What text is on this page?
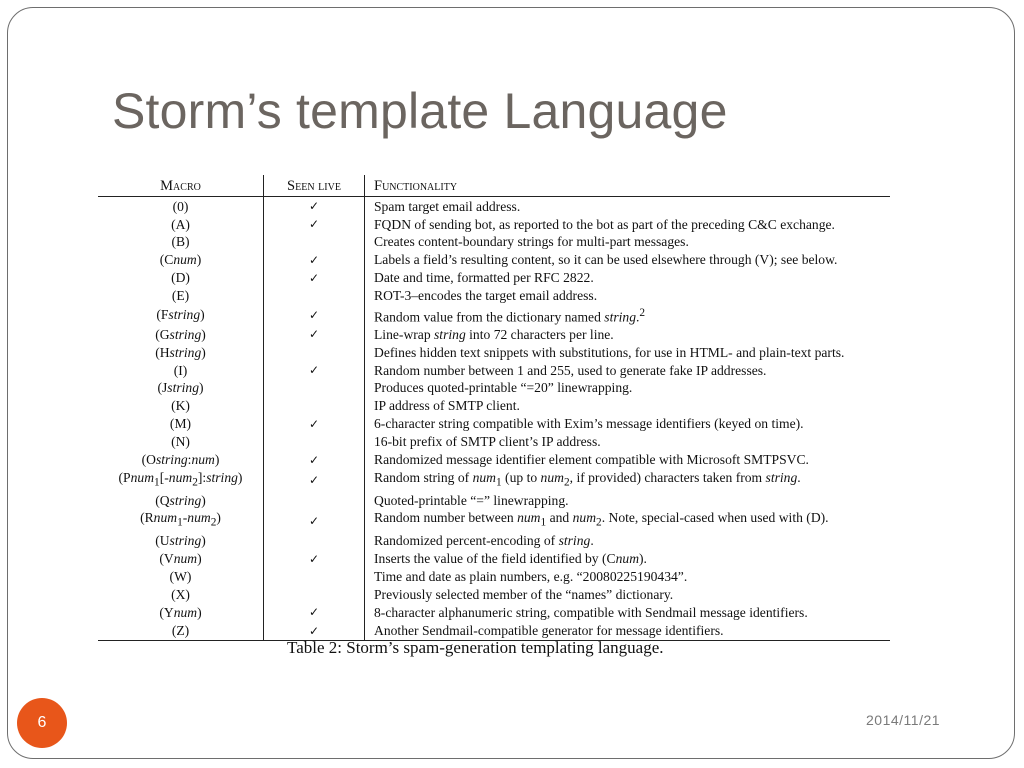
Storm’s template Language
Macro	Seen live	Functionality
(0)	✓	Spam target email address.
(A)	✓	FQDN of sending bot, as reported to the bot as part of the preceding C&C exchange.
(B)		Creates content-boundary strings for multi-part messages.
(Cnum)	✓	Labels a field’s resulting content, so it can be used elsewhere through (V); see below.
(D)	✓	Date and time, formatted per RFC 2822.
(E)		ROT-3–encodes the target email address.
(Fstring)	✓	Random value from the dictionary named string.$^2$
(Gstring)	✓	Line-wrap string into 72 characters per line.
(Hstring)		Defines hidden text snippets with substitutions, for use in HTML- and plain-text parts.
(I)	✓	Random number between 1 and 255, used to generate fake IP addresses.
(Jstring)		Produces quoted-printable “=20” linewrapping.
(K)		IP address of SMTP client.
(M)	✓	6-character string compatible with Exim’s message identifiers (keyed on time).
(N)		16-bit prefix of SMTP client’s IP address.
(Ostring:num)	✓	Randomized message identifier element compatible with Microsoft SMTPSVC.
(Pnum$_1$[-num$_2$]:string)	✓	Random string of num$_1$ (up to num$_2$, if provided) characters taken from string.
(Qstring)		Quoted-printable “=” linewrapping.
(Rnum$_1$-num$_2$)	✓	Random number between num$_1$ and num$_2$. Note, special-cased when used with (D).
(Ustring)		Randomized percent-encoding of string.
(Vnum)	✓	Inserts the value of the field identified by (Cnum).
(W)		Time and date as plain numbers, e.g. “20080225190434”.
(X)		Previously selected member of the “names” dictionary.
(Ynum)	✓	8-character alphanumeric string, compatible with Sendmail message identifiers.
(Z)	✓	Another Sendmail-compatible generator for message identifiers.
Table 2: Storm’s spam-generation templating language.
6	2014/11/21
